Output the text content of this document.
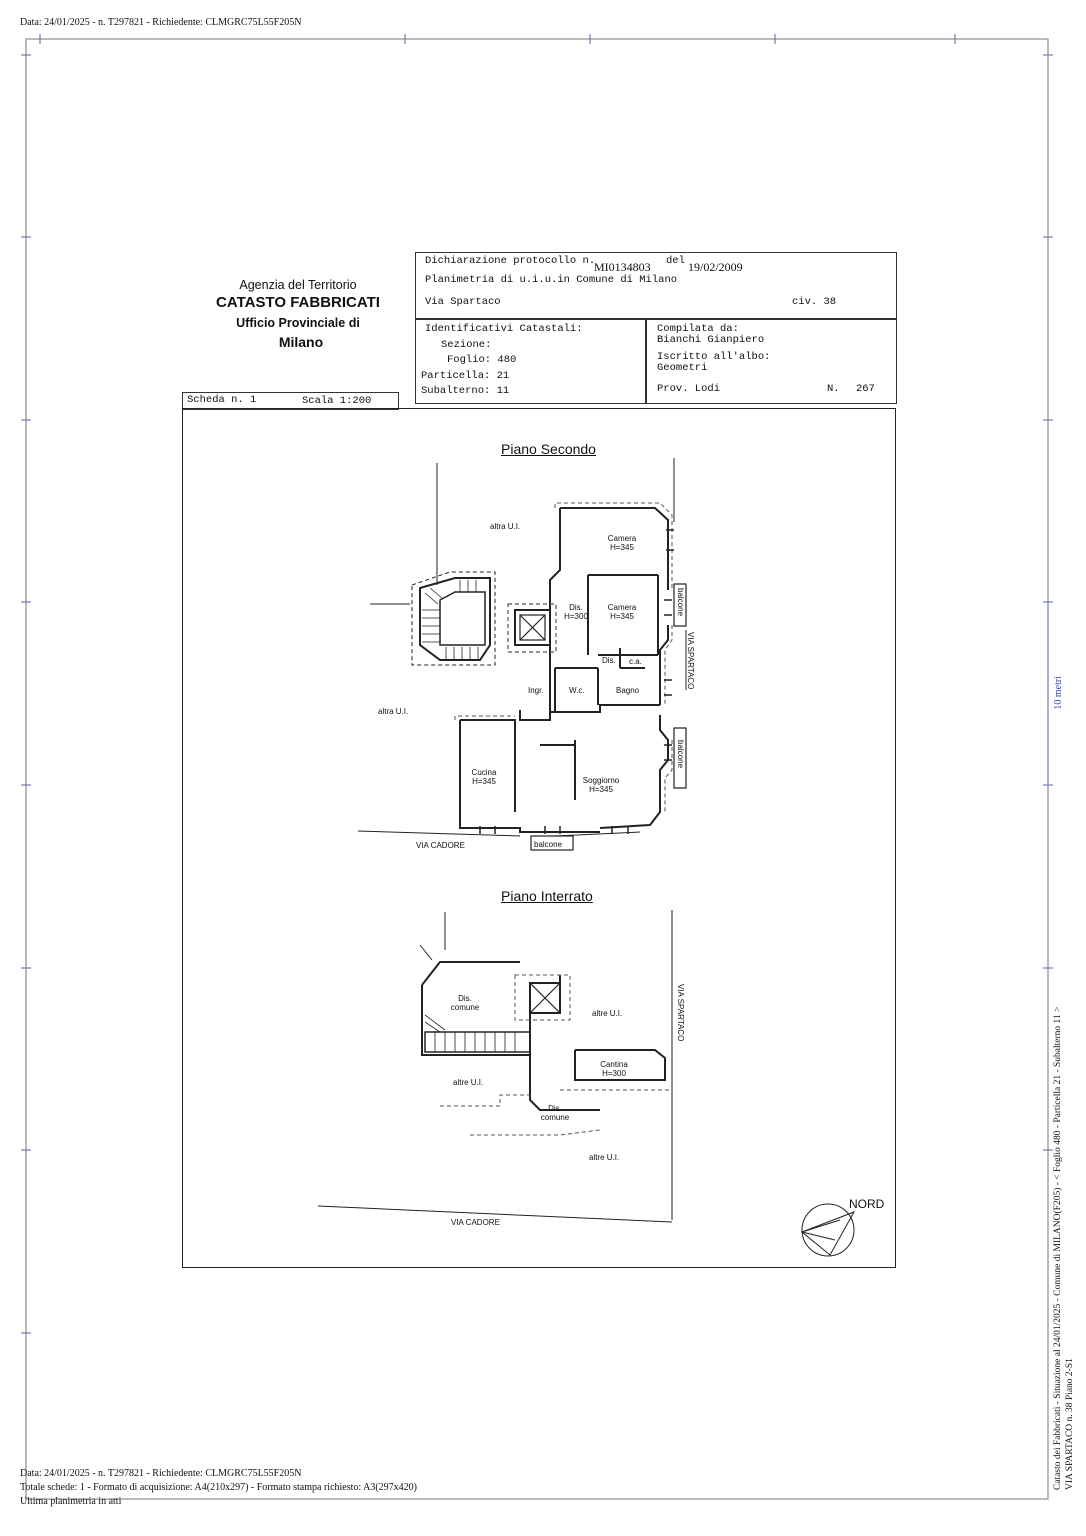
Data: 24/01/2025 - n. T297821 - Richiedente: CLMGRC75L55F205N
Agenzia del Territorio
CATASTO FABBRICATI
Ufficio Provinciale di
Milano
Dichiarazione protocollo n.
MI0134803 del 19/02/2009
Planimetria di u.i.u.in Comune di Milano
Via Spartaco	civ. 38
Identificativi Catastali:
Sezione:
Foglio: 480
Particella: 21
Subalterno: 11
Compilata da:
Bianchi Gianpiero
Iscritto all'albo:
Geometri
Prov. Lodi	N. 267
Scheda n. 1	Scala 1:200
Piano Secondo
altra U.I.
altra U.I.
Camera
H=345
Camera
H=345
Dis.
H=300
Dis. c.a.
Ingr.	W.c.	Bagno
Cucina
H=345	Soggiorno
H=345
balcone
balcone
balcone
VIA SPARTACO
VIA CADORE
Piano Interrato
Dis.
comune
altre U.I.
altre U.I.
altre U.I.
Cantina
H=300
Dis.
comune
VIA SPARTACO
VIA CADORE
NORD
10 metri
Catasto dei Fabbricati - Situazione al 24/01/2025 - Comune di MILANO(F205) - < Foglio 480 - Particella 21 - Subalterno 11 > VIA SPARTACO n. 38 Piano 2-S1
Data: 24/01/2025 - n. T297821 - Richiedente: CLMGRC75L55F205N
Totale schede: 1 - Formato di acquisizione: A4(210x297) - Formato stampa richiesto: A3(297x420)
Ultima planimetria in atti
